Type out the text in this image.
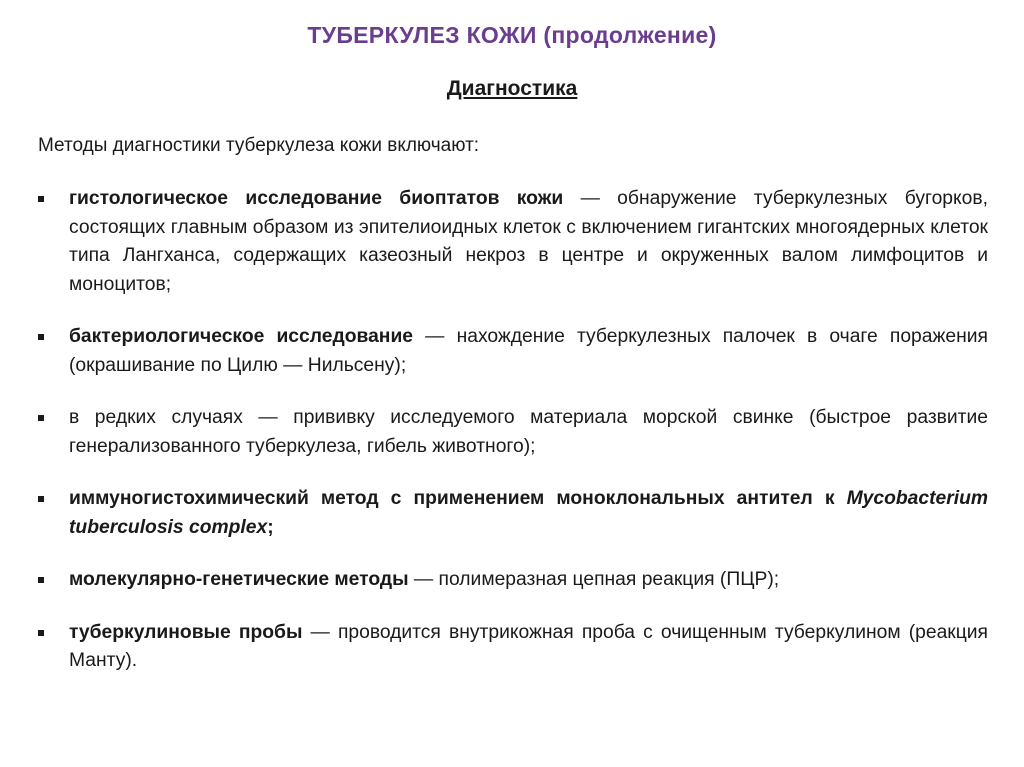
ТУБЕРКУЛЕЗ КОЖИ (продолжение)
Диагностика
Методы диагностики туберкулеза кожи включают:
гистологическое исследование биоптатов кожи — обнаружение туберкулезных бугорков, состоящих главным образом из эпителиоидных клеток с включением гигантских многоядерных клеток типа Лангханса, содержащих казеозный некроз в центре и окруженных валом лимфоцитов и моноцитов;
бактериологическое исследование — нахождение туберкулезных палочек в очаге поражения (окрашивание по Цилю — Нильсену);
в редких случаях — прививку исследуемого материала морской свинке (быстрое развитие генерализованного туберкулеза, гибель животного);
иммуногистохимический метод с применением моноклональных антител к Mycobacterium tuberculosis complex;
молекулярно-генетические методы — полимеразная цепная реакция (ПЦР);
туберкулиновые пробы — проводится внутрикожная проба с очищенным туберкулином (реакция Манту).
